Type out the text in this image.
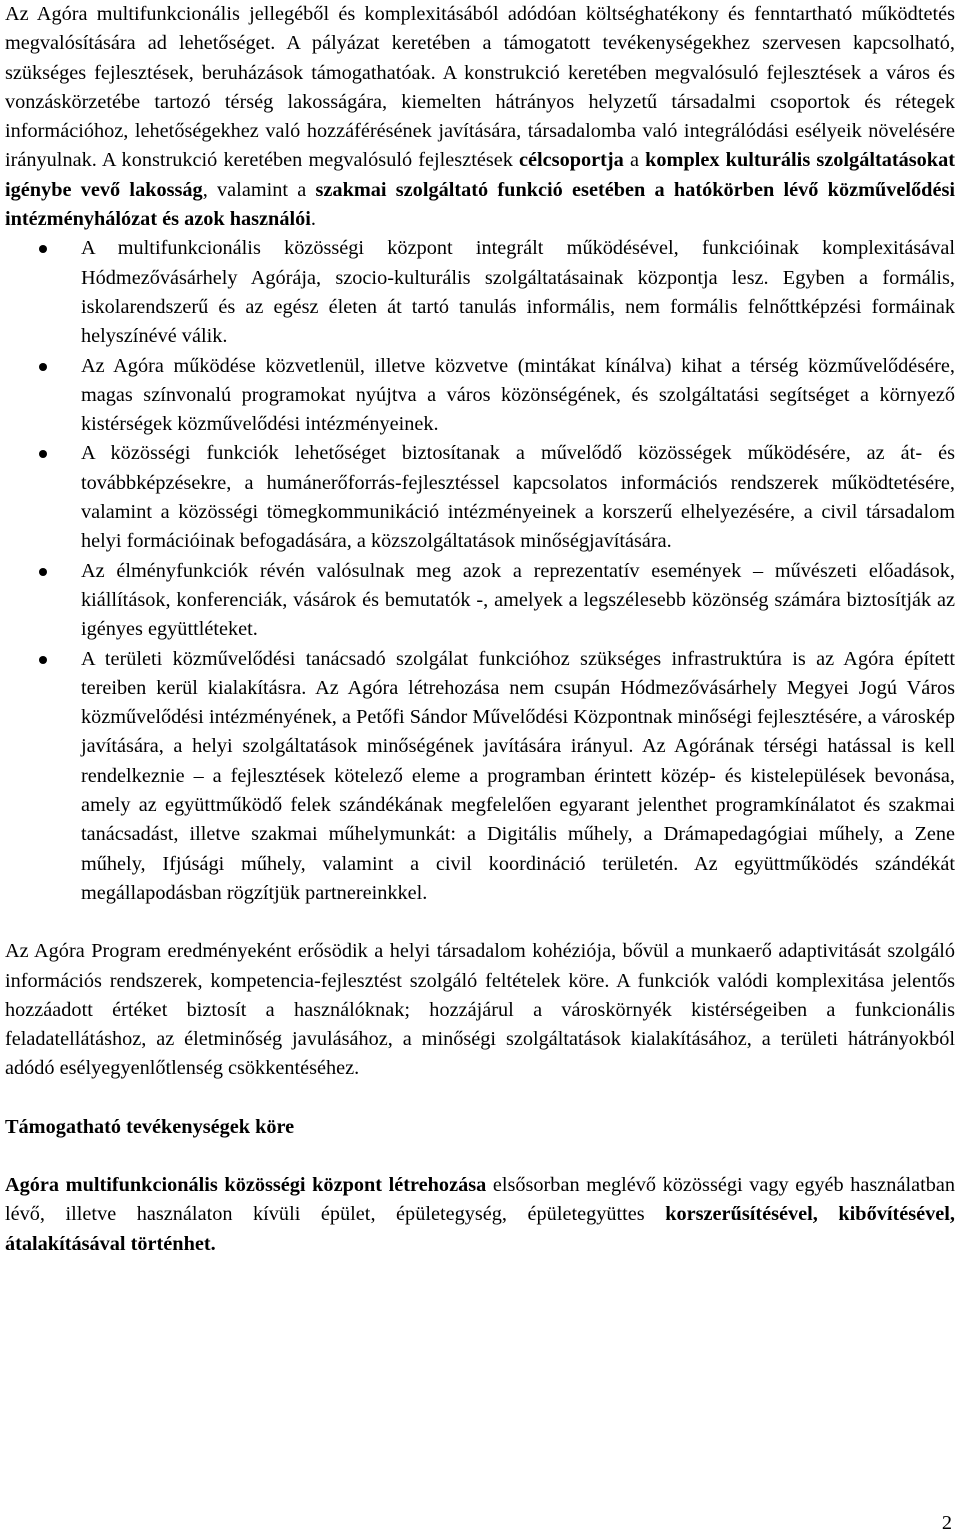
Az Agóra multifunkcionális jellegéből és komplexitásából adódóan költséghatékony és fenntartható működtetés megvalósítására ad lehetőséget. A pályázat keretében a támogatott tevékenységekhez szervesen kapcsolható, szükséges fejlesztések, beruházások támogathatóak. A konstrukció keretében megvalósuló fejlesztések a város és vonzáskörzetébe tartozó térség lakosságára, kiemelten hátrányos helyzetű társadalmi csoportok és rétegek információhoz, lehetőségekhez való hozzáférésének javítására, társadalomba való integrálódási esélyeik növelésére irányulnak. A konstrukció keretében megvalósuló fejlesztések célcsoportja a komplex kulturális szolgáltatásokat igénybe vevő lakosság, valamint a szakmai szolgáltató funkció esetében a hatókörben lévő közművelődési intézményhálózat és azok használói.

A multifunkcionális közösségi központ integrált működésével, funkcióinak komplexitásával Hódmezővásárhely Agórája, szocio-kulturális szolgáltatásainak központja lesz. Egyben a formális, iskolarendszerű és az egész életen át tartó tanulás informális, nem formális felnőttképzési formáinak helyszínévé válik.
Az Agóra működése közvetlenül, illetve közvetve (mintákat kínálva) kihat a térség közművelődésére, magas színvonalú programokat nyújtva a város közönségének, és szolgáltatási segítséget a környező kistérségek közművelődési intézményeinek.
A közösségi funkciók lehetőséget biztosítanak a művelődő közösségek működésére, az át- és továbbképzésekre, a humánerőforrás-fejlesztéssel kapcsolatos információs rendszerek működtetésére, valamint a közösségi tömegkommunikáció intézményeinek a korszerű elhelyezésére, a civil társadalom helyi formációinak befogadására, a közszolgáltatások minőségjavítására.
Az élményfunkciók révén valósulnak meg azok a reprezentatív események – művészeti előadások, kiállítások, konferenciák, vásárok és bemutatók -, amelyek a legszélesebb közönség számára biztosítják az igényes együttléteket.
A területi közművelődési tanácsadó szolgálat funkcióhoz szükséges infrastruktúra is az Agóra épített tereiben kerül kialakításra. Az Agóra létrehozása nem csupán Hódmezővásárhely Megyei Jogú Város közművelődési intézményének, a Petőfi Sándor Művelődési Központnak minőségi fejlesztésére, a városkép javítására, a helyi szolgáltatások minőségének javítására irányul. Az Agórának térségi hatással is kell rendelkeznie – a fejlesztések kötelező eleme a programban érintett közép- és kistelepülések bevonása, amely az együttműködő felek szándékának megfelelően egyarant jelenthet programkínálatot és szakmai tanácsadást, illetve szakmai műhelymunkát: a Digitális műhely, a Drámapedagógiai műhely, a Zene műhely, Ifjúsági műhely, valamint a civil koordináció területén. Az együttműködés szándékát megállapodásban rögzítjük partnereinkkel.

Az Agóra Program eredményeként erősödik a helyi társadalom kohéziója, bővül a munkaerő adaptivitását szolgáló információs rendszerek, kompetencia-fejlesztést szolgáló feltételek köre. A funkciók valódi komplexitása jelentős hozzáadott értéket biztosít a használóknak; hozzájárul a városkörnyék kistérségeiben a funkcionális feladatellátáshoz, az életminőség javulásához, a minőségi szolgáltatások kialakításához, a területi hátrányokból adódó esélyegyenlőtlenség csökkentéséhez.

Támogatható tevékenységek köre

Agóra multifunkcionális közösségi központ létrehozása elsősorban meglévő közösségi vagy egyéb használatban lévő, illetve használaton kívüli épület, épületegység, épületegyüttes korszerűsítésével, kibővítésével, átalakításával történhet.

2
